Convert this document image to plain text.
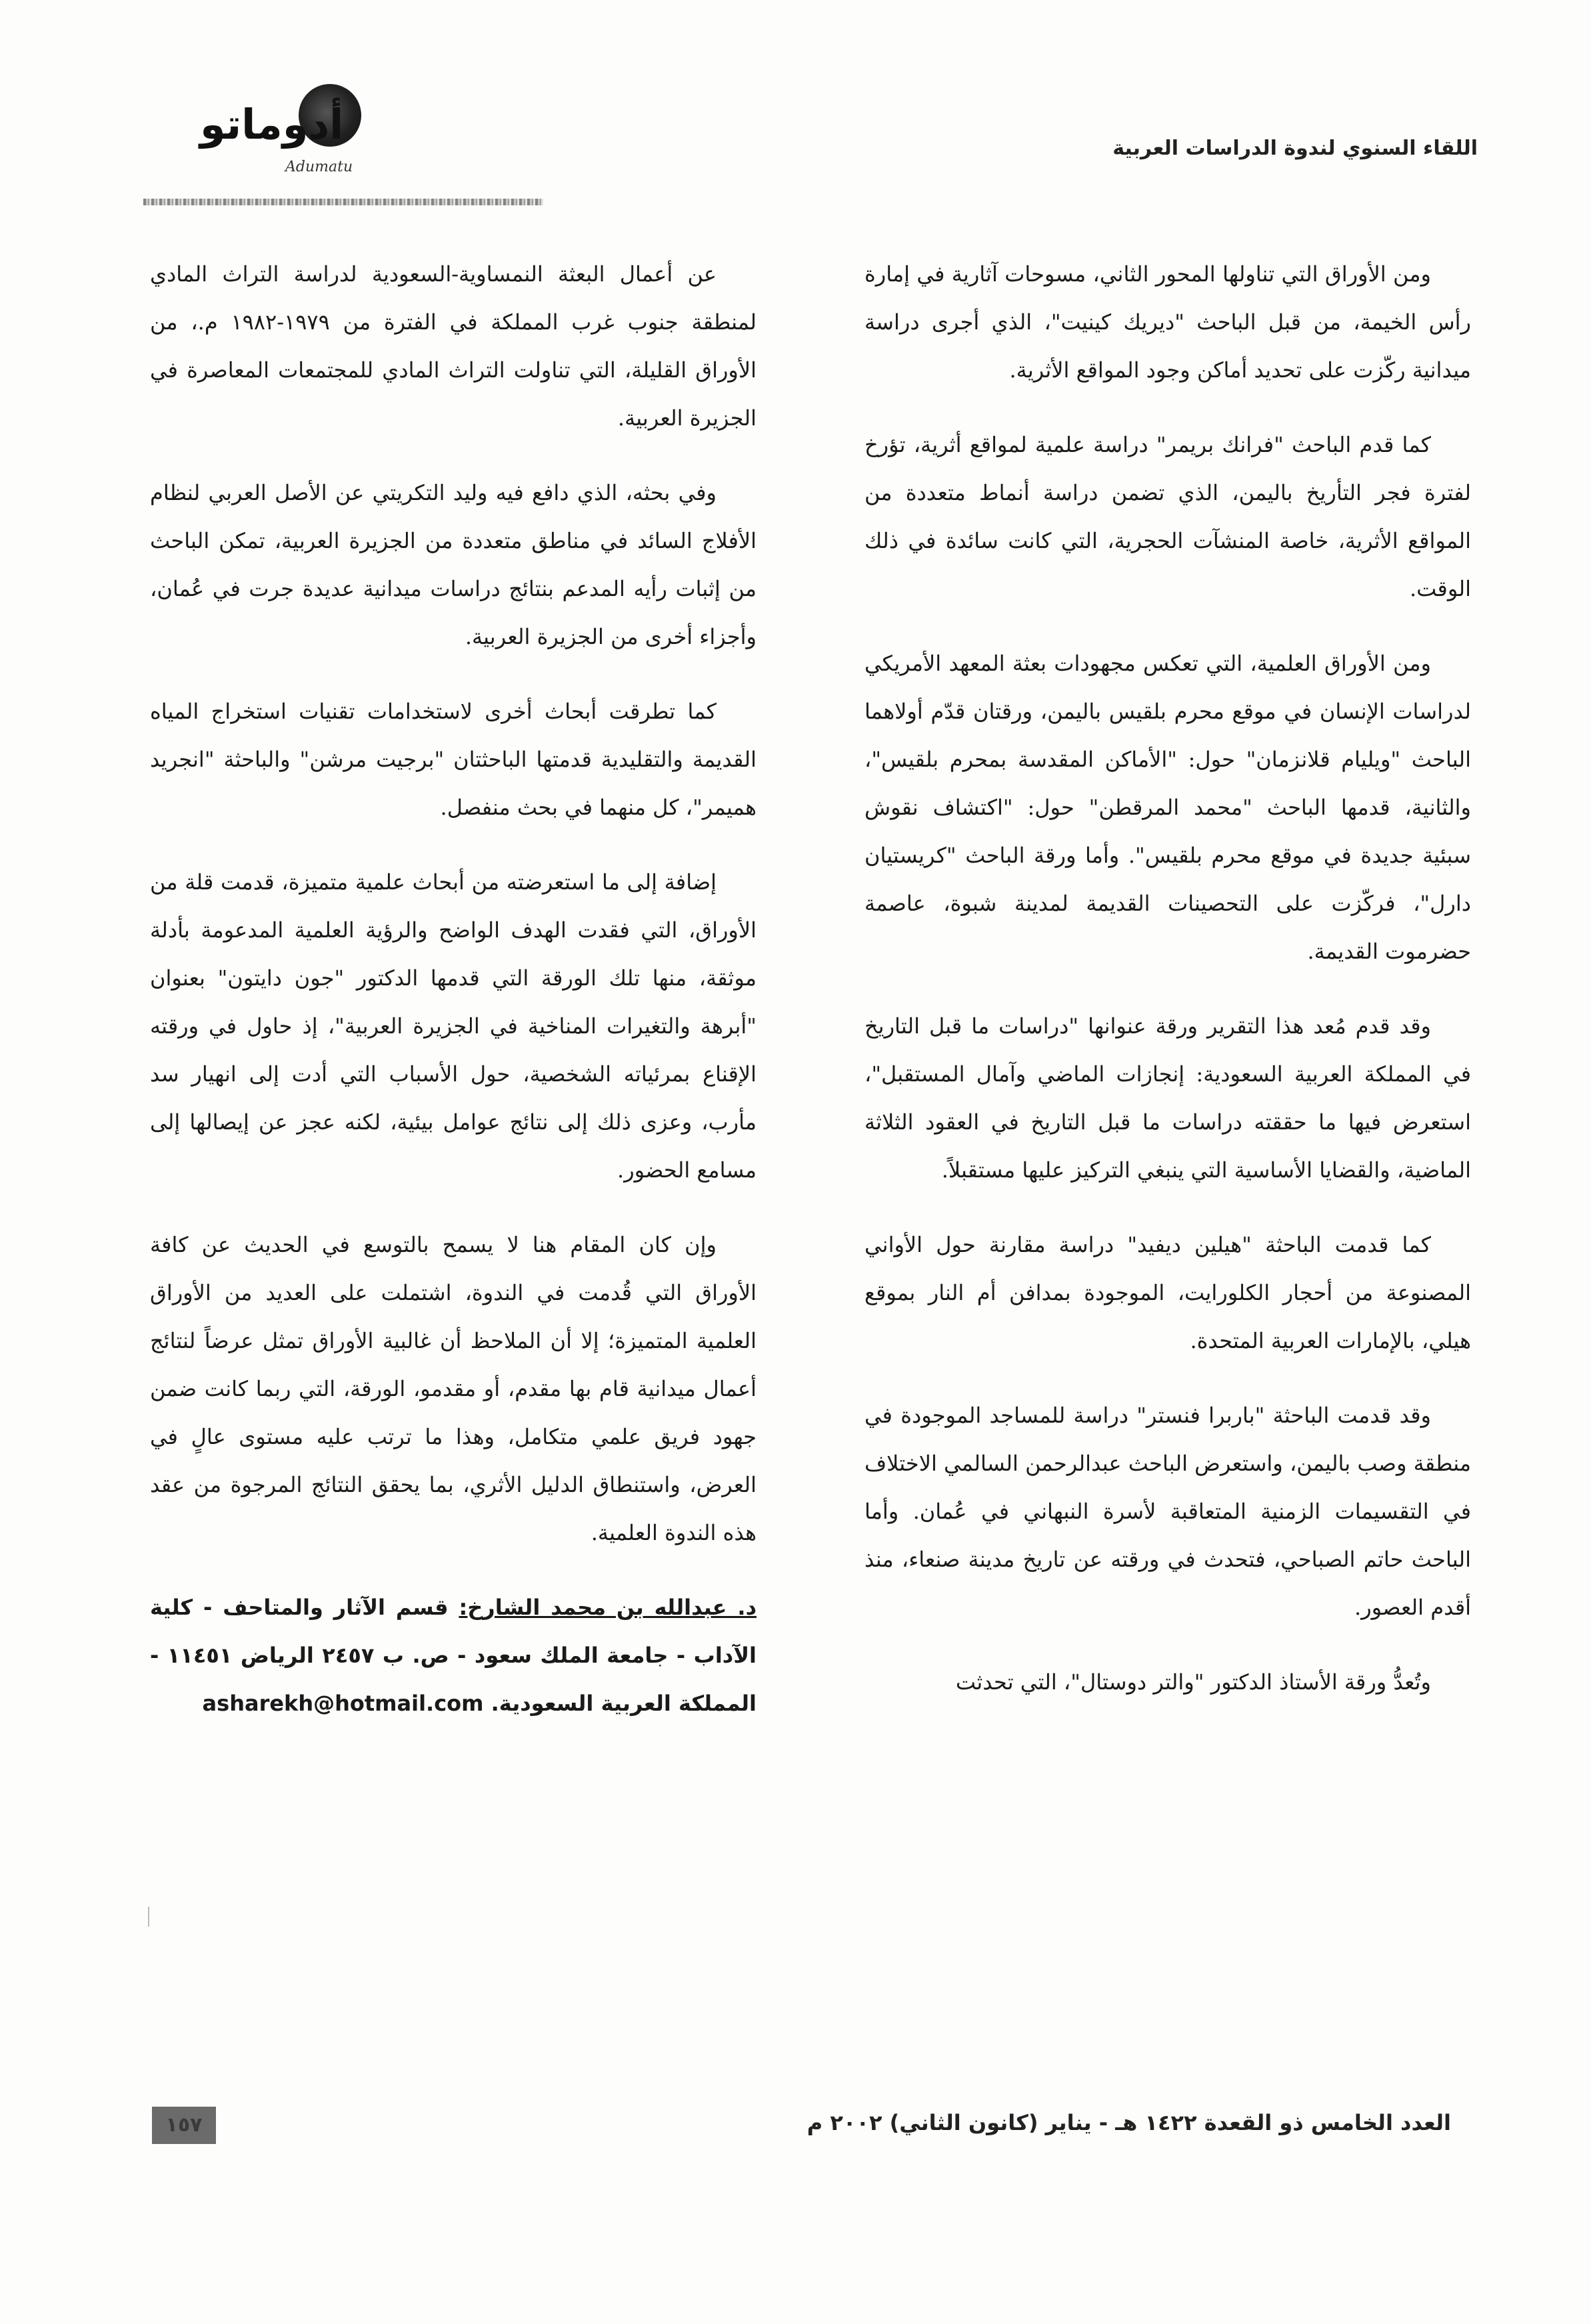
اللقاء السنوي لندوة الدراسات العربية
أدوماتو
Adumatu

ومن الأوراق التي تناولها المحور الثاني، مسوحات آثارية في إمارة رأس الخيمة، من قبل الباحث "ديريك كينيت"، الذي أجرى دراسة ميدانية ركّزت على تحديد أماكن وجود المواقع الأثرية.

كما قدم الباحث "فرانك بريمر" دراسة علمية لمواقع أثرية، تؤرخ لفترة فجر التأريخ باليمن، الذي تضمن دراسة أنماط متعددة من المواقع الأثرية، خاصة المنشآت الحجرية، التي كانت سائدة في ذلك الوقت.

ومن الأوراق العلمية، التي تعكس مجهودات بعثة المعهد الأمريكي لدراسات الإنسان في موقع محرم بلقيس باليمن، ورقتان قدّم أولاهما الباحث "ويليام قلانزمان" حول: "الأماكن المقدسة بمحرم بلقيس"، والثانية، قدمها الباحث "محمد المرقطن" حول: "اكتشاف نقوش سبئية جديدة في موقع محرم بلقيس". وأما ورقة الباحث "كريستيان دارل"، فركّزت على التحصينات القديمة لمدينة شبوة، عاصمة حضرموت القديمة.

وقد قدم مُعد هذا التقرير ورقة عنوانها "دراسات ما قبل التاريخ في المملكة العربية السعودية: إنجازات الماضي وآمال المستقبل"، استعرض فيها ما حققته دراسات ما قبل التاريخ في العقود الثلاثة الماضية، والقضايا الأساسية التي ينبغي التركيز عليها مستقبلاً.

كما قدمت الباحثة "هيلين ديفيد" دراسة مقارنة حول الأواني المصنوعة من أحجار الكلورايت، الموجودة بمدافن أم النار بموقع هيلي، بالإمارات العربية المتحدة.

وقد قدمت الباحثة "باربرا فنستر" دراسة للمساجد الموجودة في منطقة وصب باليمن، واستعرض الباحث عبدالرحمن السالمي الاختلاف في التقسيمات الزمنية المتعاقبة لأسرة النبهاني في عُمان. وأما الباحث حاتم الصباحي، فتحدث في ورقته عن تاريخ مدينة صنعاء، منذ أقدم العصور.

وتُعدُّ ورقة الأستاذ الدكتور "والتر دوستال"، التي تحدثت

عن أعمال البعثة النمساوية-السعودية لدراسة التراث المادي لمنطقة جنوب غرب المملكة في الفترة من ١٩٧٩-١٩٨٢ م.، من الأوراق القليلة، التي تناولت التراث المادي للمجتمعات المعاصرة في الجزيرة العربية.

وفي بحثه، الذي دافع فيه وليد التكريتي عن الأصل العربي لنظام الأفلاج السائد في مناطق متعددة من الجزيرة العربية، تمكن الباحث من إثبات رأيه المدعم بنتائج دراسات ميدانية عديدة جرت في عُمان، وأجزاء أخرى من الجزيرة العربية.

كما تطرقت أبحاث أخرى لاستخدامات تقنيات استخراج المياه القديمة والتقليدية قدمتها الباحثتان "برجيت مرشن" والباحثة "انجريد هميمر"، كل منهما في بحث منفصل.

إضافة إلى ما استعرضته من أبحاث علمية متميزة، قدمت قلة من الأوراق، التي فقدت الهدف الواضح والرؤية العلمية المدعومة بأدلة موثقة، منها تلك الورقة التي قدمها الدكتور "جون دايتون" بعنوان "أبرهة والتغيرات المناخية في الجزيرة العربية"، إذ حاول في ورقته الإقناع بمرئياته الشخصية، حول الأسباب التي أدت إلى انهيار سد مأرب، وعزى ذلك إلى نتائج عوامل بيئية، لكنه عجز عن إيصالها إلى مسامع الحضور.

وإن كان المقام هنا لا يسمح بالتوسع في الحديث عن كافة الأوراق التي قُدمت في الندوة، اشتملت على العديد من الأوراق العلمية المتميزة؛ إلا أن الملاحظ أن غالبية الأوراق تمثل عرضاً لنتائج أعمال ميدانية قام بها مقدم، أو مقدمو، الورقة، التي ربما كانت ضمن جهود فريق علمي متكامل، وهذا ما ترتب عليه مستوى عالٍ في العرض، واستنطاق الدليل الأثري، بما يحقق النتائج المرجوة من عقد هذه الندوة العلمية.

د. عبدالله بن محمد الشارخ: قسم الآثار والمتاحف - كلية الآداب - جامعة الملك سعود - ص. ب ٢٤٥٧ الرياض ١١٤٥١ - المملكة العربية السعودية. asharekh@hotmail.com
العدد الخامس ذو القعدة ١٤٢٢ هـ - يناير (كانون الثاني) ٢٠٠٢ م
١٥٧
